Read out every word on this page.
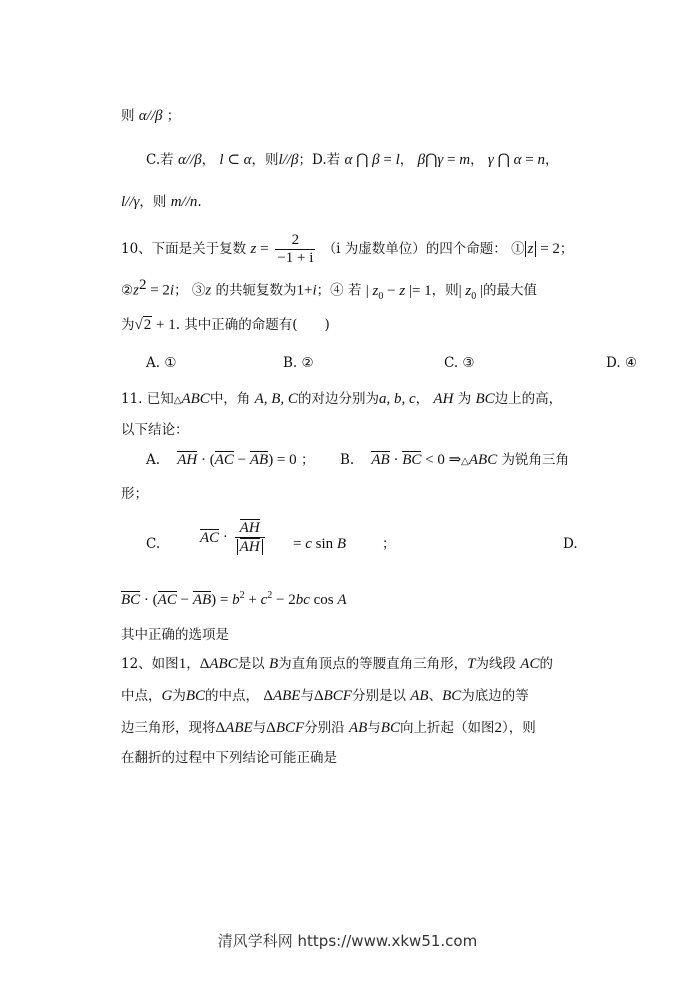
则 α//β ；
C.若 α//β， l ⊂ α，则l//β；D.若 α ⋂ β = l， β⋂γ = m， γ ⋂ α = n，
l//γ，则 m//n.
10、下面是关于复数 $z = \frac{2}{-1 + i} (i$ 为虚数单位）的四个命题： ① z = 2；
$②z^2 = 2i$； ③z 的共轭复数为1+i；④ 若 | $z_0 - z$ |= 1，则| $z_0$ |的最大值
为√2 + 1. 其中正确的命题有(　　)
A. ①	B. ②	C. ③	D. ④
11. 已知△ABC中，角 A, B, C的对边分别为a, b, c， AH 为 BC边上的高，
以下结论：
A. AH · (AC − AB) = 0 ； B. AB · BC < 0 ⇒△ABC 为锐角三角
形；
C.	AC · $\frac{AH}{AH} = c$ sin B	；	D.
BC · $(AC - AB) = b^2 + c^2 - 2bc$ cos A
其中正确的选项是
12、如图1，ΔABC是以 B为直角顶点的等腰直角三角形，T为线段 AC的
中点，G为BC的中点， ΔABE与ΔBCF分别是以 AB、BC为底边的等
边三角形，现将ΔABE与ΔBCF分别沿 AB与BC向上折起（如图2），则
在翻折的过程中下列结论可能正确是
清风学科网 https://www.xkw51.com
